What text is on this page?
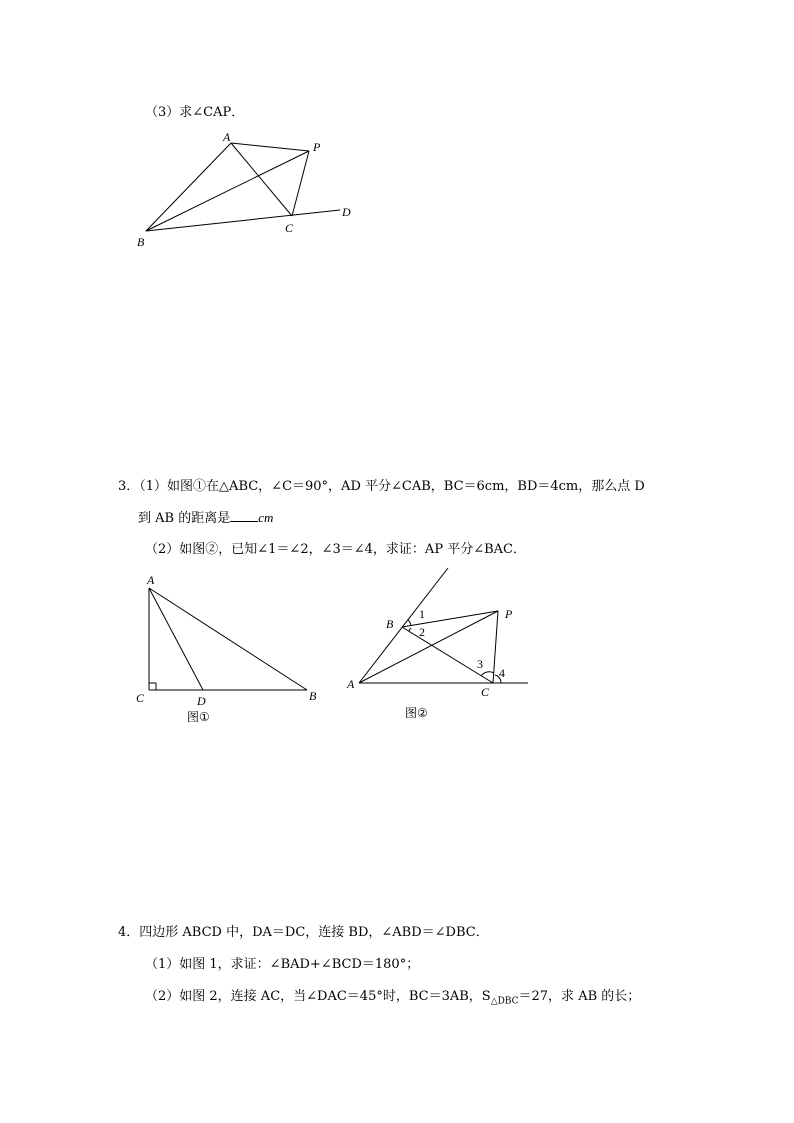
（3）求∠CAP．
3．（1）如图①在△ABC，∠C＝90°，AD 平分∠CAB，BC＝6cm，BD＝4cm，那么点 D
到 AB 的距离是 cm
（2）如图②，已知∠1＝∠2，∠3＝∠4，求证：AP 平分∠BAC．
4．四边形 ABCD 中，DA＝DC，连接 BD，∠ABD＝∠DBC．
（1）如图 1，求证：∠BAD+∠BCD＝180°；
（2）如图 2，连接 AC，当∠DAC＝45°时，BC＝3AB，$S_{\triangle DBC}=27$，求 AB 的长；
A
P
B
C
D
A
C	D	B
图①
B
A
C
P
1
2
3
4
图②
